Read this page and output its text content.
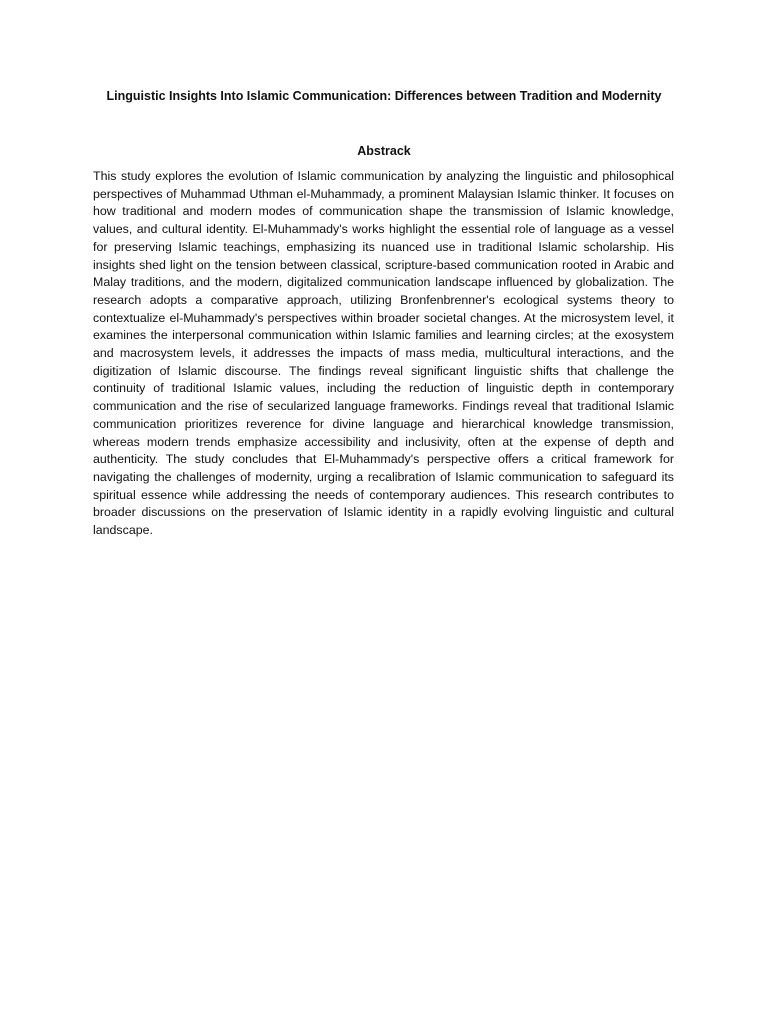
Linguistic Insights Into Islamic Communication: Differences between Tradition and Modernity
Abstrack

This study explores the evolution of Islamic communication by analyzing the linguistic and philosophical perspectives of Muhammad Uthman el-Muhammady, a prominent Malaysian Islamic thinker. It focuses on how traditional and modern modes of communication shape the transmission of Islamic knowledge, values, and cultural identity. El-Muhammady's works highlight the essential role of language as a vessel for preserving Islamic teachings, emphasizing its nuanced use in traditional Islamic scholarship. His insights shed light on the tension between classical, scripture-based communication rooted in Arabic and Malay traditions, and the modern, digitalized communication landscape influenced by globalization. The research adopts a comparative approach, utilizing Bronfenbrenner's ecological systems theory to contextualize el-Muhammady's perspectives within broader societal changes. At the microsystem level, it examines the interpersonal communication within Islamic families and learning circles; at the exosystem and macrosystem levels, it addresses the impacts of mass media, multicultural interactions, and the digitization of Islamic discourse. The findings reveal significant linguistic shifts that challenge the continuity of traditional Islamic values, including the reduction of linguistic depth in contemporary communication and the rise of secularized language frameworks. Findings reveal that traditional Islamic communication prioritizes reverence for divine language and hierarchical knowledge transmission, whereas modern trends emphasize accessibility and inclusivity, often at the expense of depth and authenticity. The study concludes that El-Muhammady's perspective offers a critical framework for navigating the challenges of modernity, urging a recalibration of Islamic communication to safeguard its spiritual essence while addressing the needs of contemporary audiences. This research contributes to broader discussions on the preservation of Islamic identity in a rapidly evolving linguistic and cultural landscape.
